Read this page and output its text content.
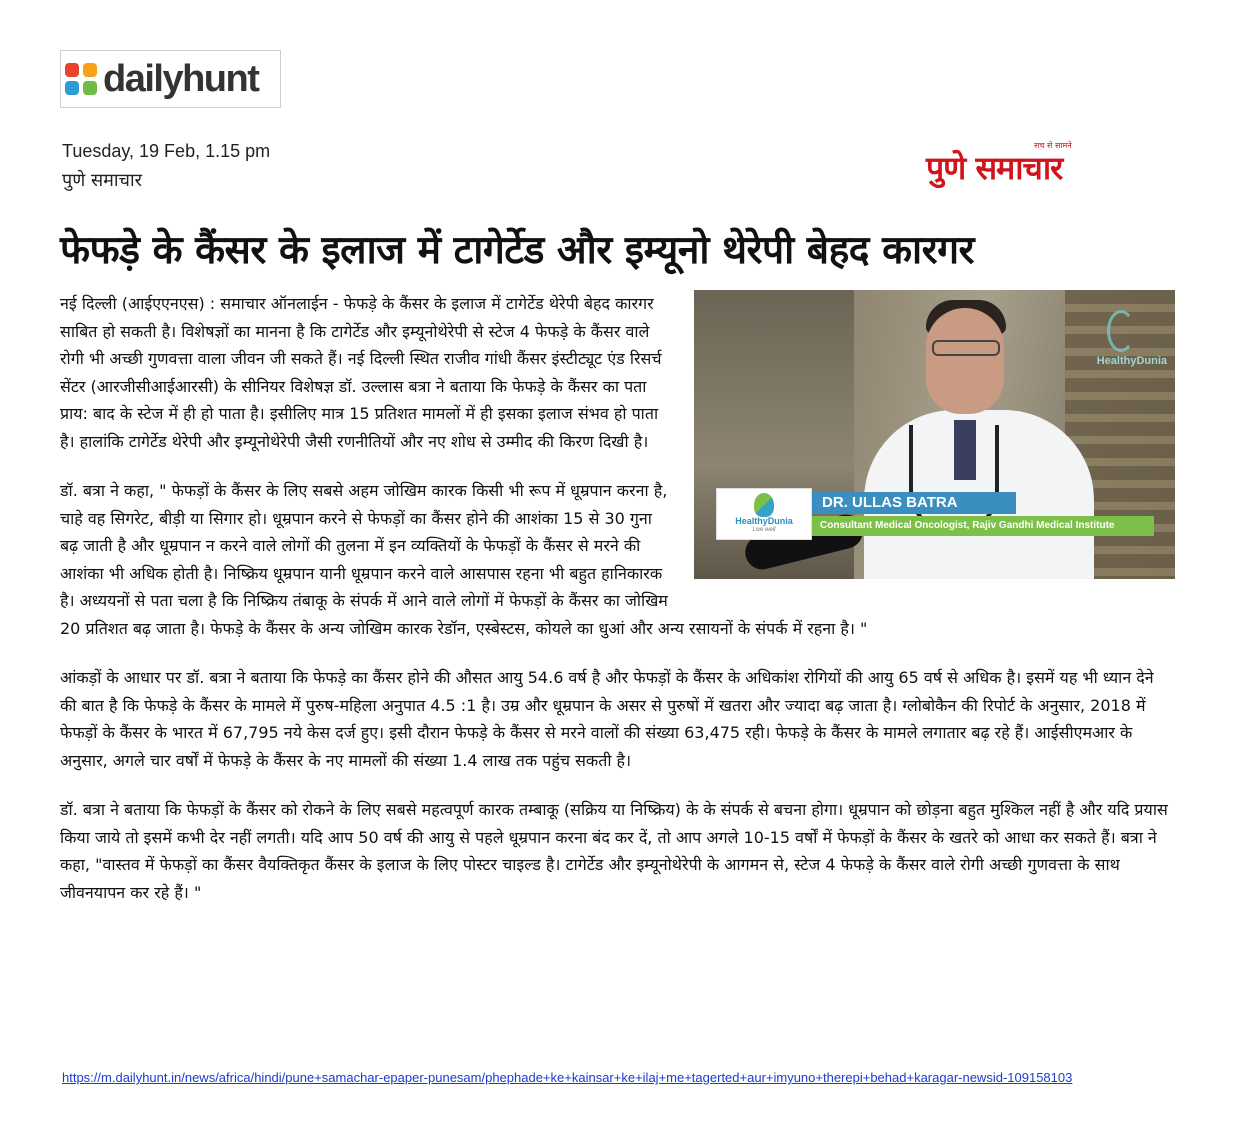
dailyhunt
Tuesday, 19 Feb, 1.15 pm
पुणे समाचार
सच से सामने
पुणे समाचार
फेफड़े के कैंसर के इलाज में टागेर्टेड और इम्यूनो थेरेपी बेहद कारगर
HealthyDunia
HealthyDunia
Live well
DR. ULLAS BATRA
Consultant Medical Oncologist, Rajiv Gandhi Medical Institute

नई दिल्ली (आईएएनएस) : समाचार ऑनलाईन - फेफड़े के कैंसर के इलाज में टागेर्टेड थेरेपी बेहद कारगर साबित हो सकती है। विशेषज्ञों का मानना है कि टागेर्टेड और इम्यूनोथेरेपी से स्टेज 4 फेफड़े के कैंसर वाले रोगी भी अच्छी गुणवत्ता वाला जीवन जी सकते हैं। नई दिल्ली स्थित राजीव गांधी कैंसर इंस्टीट्यूट एंड रिसर्च सेंटर (आरजीसीआईआरसी) के सीनियर विशेषज्ञ डॉ. उल्लास बत्रा ने बताया कि फेफड़े के कैंसर का पता प्राय: बाद के स्टेज में ही हो पाता है। इसीलिए मात्र 15 प्रतिशत मामलों में ही इसका इलाज संभव हो पाता है। हालांकि टागेर्टेड थेरेपी और इम्यूनोथेरेपी जैसी रणनीतियों और नए शोध से उम्मीद की किरण दिखी है।

डॉ. बत्रा ने कहा, " फेफड़ों के कैंसर के लिए सबसे अहम जोखिम कारक किसी भी रूप में धूम्रपान करना है, चाहे वह सिगरेट, बीड़ी या सिगार हो। धूम्रपान करने से फेफड़ों का कैंसर होने की आशंका 15 से 30 गुना बढ़ जाती है और धूम्रपान न करने वाले लोगों की तुलना में इन व्यक्तियों के फेफड़ों के कैंसर से मरने की आशंका भी अधिक होती है। निष्क्रिय धूम्रपान यानी धूम्रपान करने वाले आसपास रहना भी बहुत हानिकारक है। अध्ययनों से पता चला है कि निष्क्रिय तंबाकू के संपर्क में आने वाले लोगों में फेफड़ों के कैंसर का जोखिम 20 प्रतिशत बढ़ जाता है। फेफड़े के कैंसर के अन्य जोखिम कारक रेडॉन, एस्बेस्टस, कोयले का धुआं और अन्य रसायनों के संपर्क में रहना है। "

आंकड़ों के आधार पर डॉ. बत्रा ने बताया कि फेफड़े का कैंसर होने की औसत आयु 54.6 वर्ष है और फेफड़ों के कैंसर के अधिकांश रोगियों की आयु 65 वर्ष से अधिक है। इसमें यह भी ध्यान देने की बात है कि फेफड़े के कैंसर के मामले में पुरुष-महिला अनुपात 4.5 :1 है। उम्र और धूम्रपान के असर से पुरुषों में खतरा और ज्यादा बढ़ जाता है। ग्लोबोकैन की रिपोर्ट के अनुसार, 2018 में फेफड़ों के कैंसर के भारत में 67,795 नये केस दर्ज हुए। इसी दौरान फेफड़े के कैंसर से मरने वालों की संख्या 63,475 रही। फेफड़े के कैंसर के मामले लगातार बढ़ रहे हैं। आईसीएमआर के अनुसार, अगले चार वर्षों में फेफड़े के कैंसर के नए मामलों की संख्या 1.4 लाख तक पहुंच सकती है।

डॉ. बत्रा ने बताया कि फेफड़ों के कैंसर को रोकने के लिए सबसे महत्वपूर्ण कारक तम्बाकू (सक्रिय या निष्क्रिय) के के संपर्क से बचना होगा। धूम्रपान को छोड़ना बहुत मुश्किल नहीं है और यदि प्रयास किया जाये तो इसमें कभी देर नहीं लगती। यदि आप 50 वर्ष की आयु से पहले धूम्रपान करना बंद कर दें, तो आप अगले 10-15 वर्षों में फेफड़ों के कैंसर के खतरे को आधा कर सकते हैं। बत्रा ने कहा, "वास्तव में फेफड़ों का कैंसर वैयक्तिकृत कैंसर के इलाज के लिए पोस्टर चाइल्ड है। टागेर्टेड और इम्यूनोथेरेपी के आगमन से, स्टेज 4 फेफड़े के कैंसर वाले रोगी अच्छी गुणवत्ता के साथ जीवनयापन कर रहे हैं। "

https://m.dailyhunt.in/news/africa/hindi/pune+samachar-epaper-punesam/phephade+ke+kainsar+ke+ilaj+me+tagerted+aur+imyuno+therepi+behad+karagar-newsid-109158103
